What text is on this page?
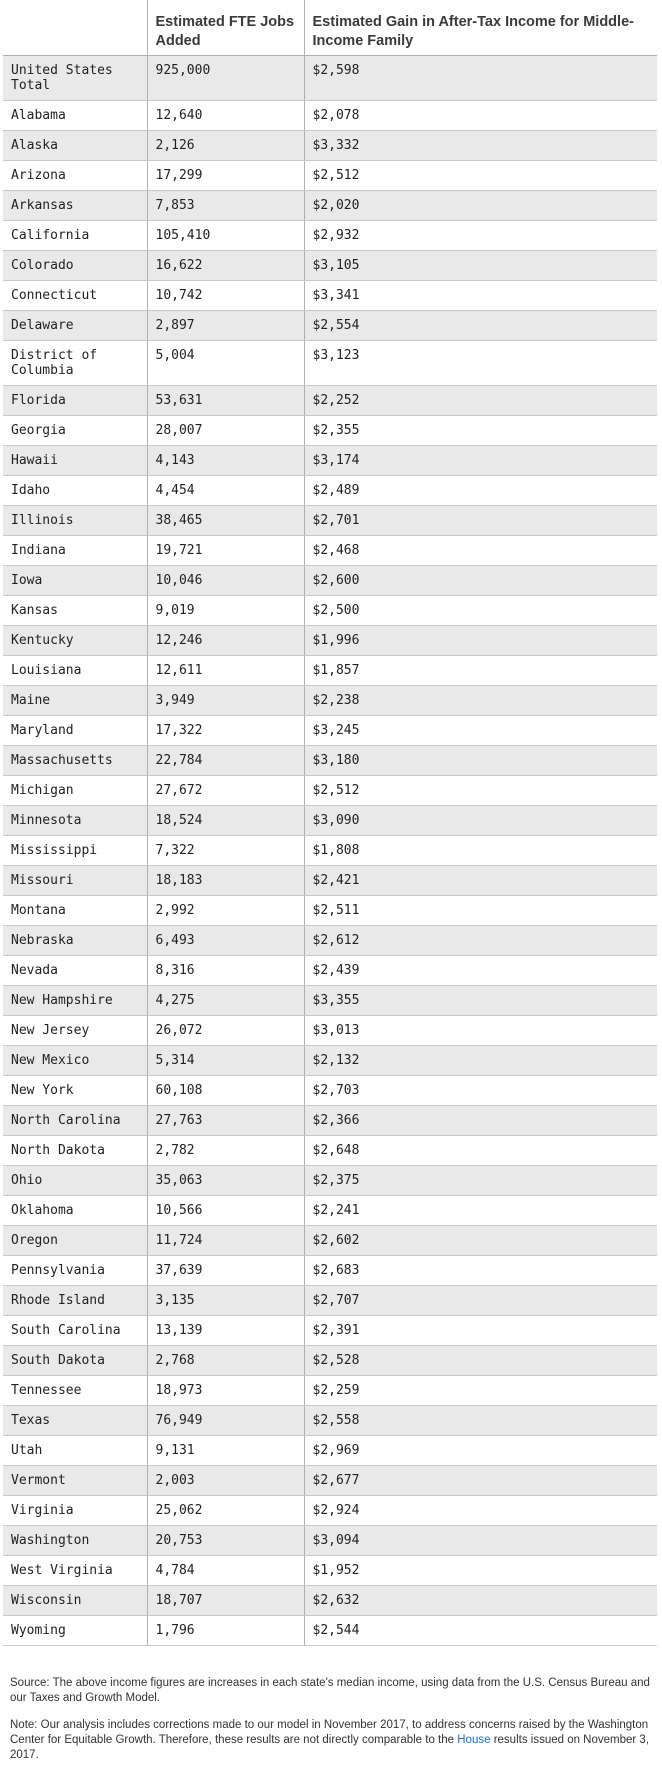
	Estimated FTE Jobs Added	Estimated Gain in After-Tax Income for Middle-Income Family
United States Total	925,000	$2,598
Alabama	12,640	$2,078
Alaska	2,126	$3,332
Arizona	17,299	$2,512
Arkansas	7,853	$2,020
California	105,410	$2,932
Colorado	16,622	$3,105
Connecticut	10,742	$3,341
Delaware	2,897	$2,554
District of Columbia	5,004	$3,123
Florida	53,631	$2,252
Georgia	28,007	$2,355
Hawaii	4,143	$3,174
Idaho	4,454	$2,489
Illinois	38,465	$2,701
Indiana	19,721	$2,468
Iowa	10,046	$2,600
Kansas	9,019	$2,500
Kentucky	12,246	$1,996
Louisiana	12,611	$1,857
Maine	3,949	$2,238
Maryland	17,322	$3,245
Massachusetts	22,784	$3,180
Michigan	27,672	$2,512
Minnesota	18,524	$3,090
Mississippi	7,322	$1,808
Missouri	18,183	$2,421
Montana	2,992	$2,511
Nebraska	6,493	$2,612
Nevada	8,316	$2,439
New Hampshire	4,275	$3,355
New Jersey	26,072	$3,013
New Mexico	5,314	$2,132
New York	60,108	$2,703
North Carolina	27,763	$2,366
North Dakota	2,782	$2,648
Ohio	35,063	$2,375
Oklahoma	10,566	$2,241
Oregon	11,724	$2,602
Pennsylvania	37,639	$2,683
Rhode Island	3,135	$2,707
South Carolina	13,139	$2,391
South Dakota	2,768	$2,528
Tennessee	18,973	$2,259
Texas	76,949	$2,558
Utah	9,131	$2,969
Vermont	2,003	$2,677
Virginia	25,062	$2,924
Washington	20,753	$3,094
West Virginia	4,784	$1,952
Wisconsin	18,707	$2,632
Wyoming	1,796	$2,544
Source: The above income figures are increases in each state's median income, using data from the U.S. Census Bureau and our Taxes and Growth Model.
Note: Our analysis includes corrections made to our model in November 2017, to address concerns raised by the Washington Center for Equitable Growth. Therefore, these results are not directly comparable to the House results issued on November 3, 2017.
